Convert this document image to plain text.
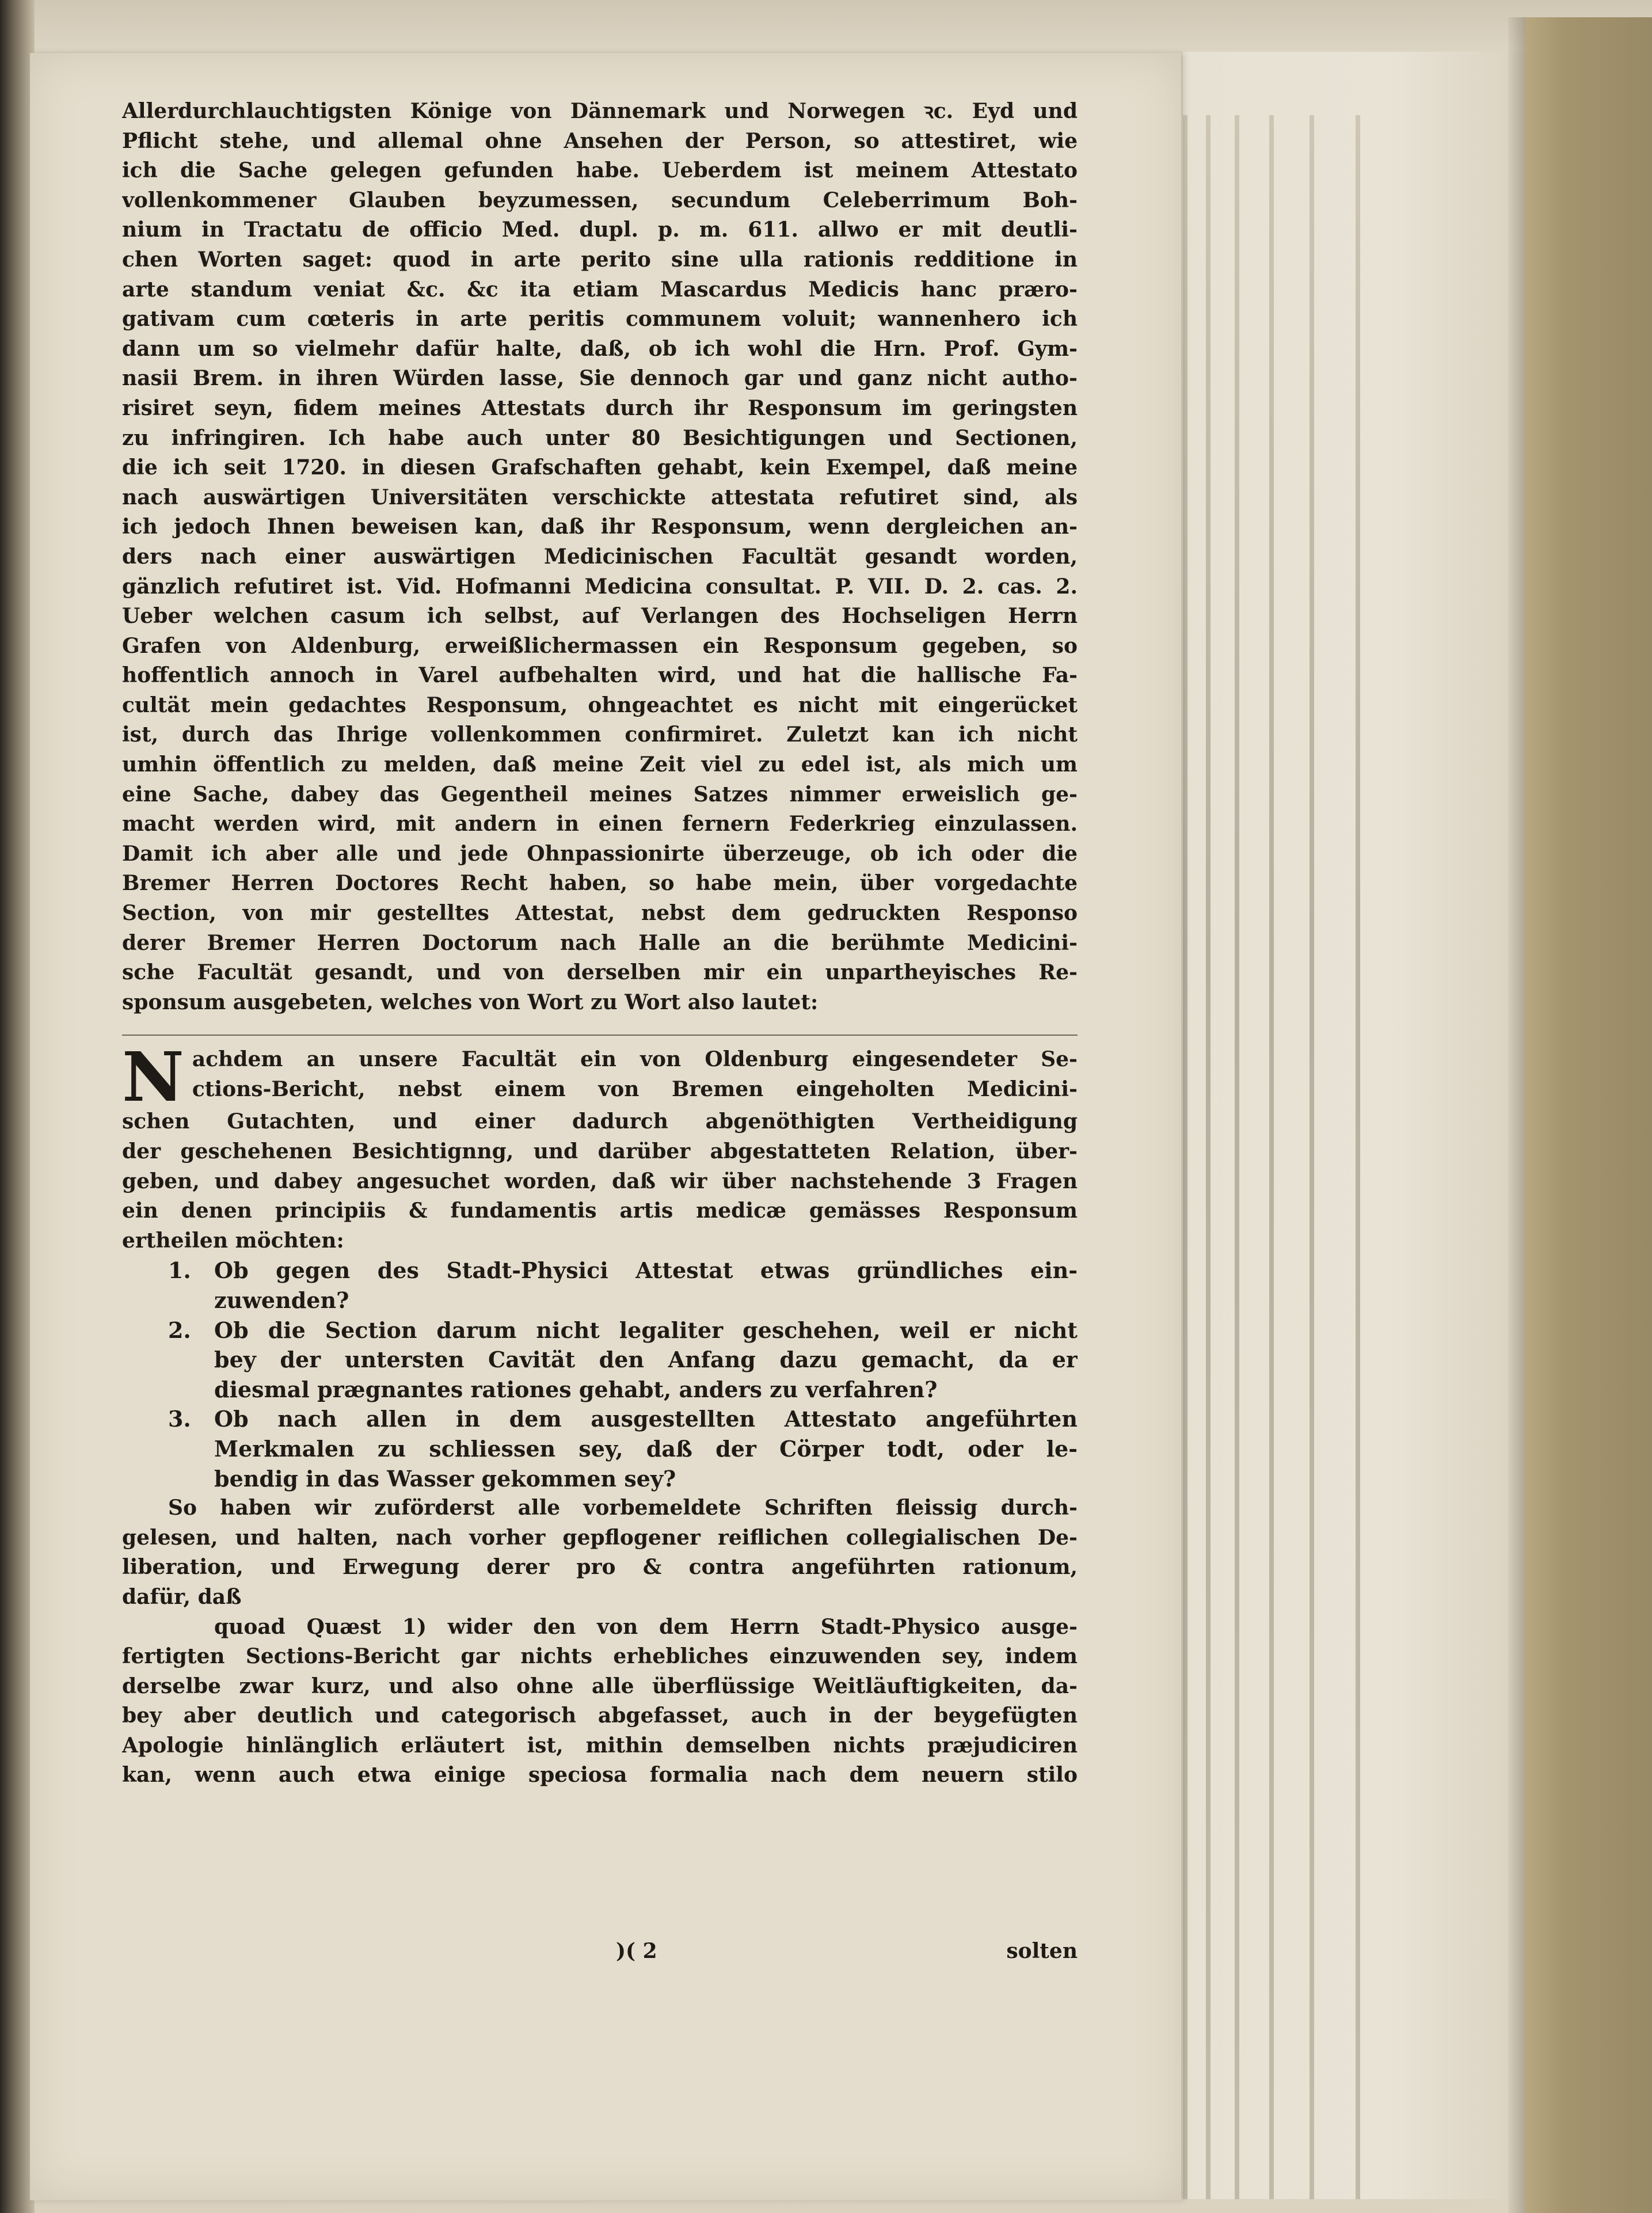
Allerdurchlauchtigsten Könige von Dännemark und Norwegen ꝛc. Eyd und
Pflicht stehe, und allemal ohne Ansehen der Person, so attestiret, wie
ich die Sache gelegen gefunden habe. Ueberdem ist meinem Attestato
vollenkommener Glauben beyzumessen, secundum Celeberrimum Boh-
nium in Tractatu de officio Med. dupl. p. m. 611. allwo er mit deutli-
chen Worten saget: quod in arte perito sine ulla rationis redditione in
arte standum veniat &c. &c ita etiam Mascardus Medicis hanc præro-
gativam cum cœteris in arte peritis communem voluit; wannenhero ich
dann um so vielmehr dafür halte, daß, ob ich wohl die Hrn. Prof. Gym-
nasii Brem. in ihren Würden lasse, Sie dennoch gar und ganz nicht autho-
risiret seyn, fidem meines Attestats durch ihr Responsum im geringsten
zu infringiren. Ich habe auch unter 80 Besichtigungen und Sectionen,
die ich seit 1720. in diesen Grafschaften gehabt, kein Exempel, daß meine
nach auswärtigen Universitäten verschickte attestata refutiret sind, als
ich jedoch Ihnen beweisen kan, daß ihr Responsum, wenn dergleichen an-
ders nach einer auswärtigen Medicinischen Facultät gesandt worden,
gänzlich refutiret ist. Vid. Hofmanni Medicina consultat. P. VII. D. 2. cas. 2.
Ueber welchen casum ich selbst, auf Verlangen des Hochseligen Herrn
Grafen von Aldenburg, erweißlichermassen ein Responsum gegeben, so
hoffentlich annoch in Varel aufbehalten wird, und hat die hallische Fa-
cultät mein gedachtes Responsum, ohngeachtet es nicht mit eingerücket
ist, durch das Ihrige vollenkommen confirmiret. Zuletzt kan ich nicht
umhin öffentlich zu melden, daß meine Zeit viel zu edel ist, als mich um
eine Sache, dabey das Gegentheil meines Satzes nimmer erweislich ge-
macht werden wird, mit andern in einen fernern Federkrieg einzulassen.
Damit ich aber alle und jede Ohnpassionirte überzeuge, ob ich oder die
Bremer Herren Doctores Recht haben, so habe mein, über vorgedachte
Section, von mir gestelltes Attestat, nebst dem gedruckten Responso
derer Bremer Herren Doctorum nach Halle an die berühmte Medicini-
sche Facultät gesandt, und von derselben mir ein unpartheyisches Re-
sponsum ausgebeten, welches von Wort zu Wort also lautet:
N achdem an unsere Facultät ein von Oldenburg eingesendeter Se-
ctions-Bericht, nebst einem von Bremen eingeholten Medicini-
schen Gutachten, und einer dadurch abgenöthigten Vertheidigung
der geschehenen Besichtignng, und darüber abgestatteten Relation, über-
geben, und dabey angesuchet worden, daß wir über nachstehende 3 Fragen
ein denen principiis & fundamentis artis medicæ gemässes Responsum
ertheilen möchten:
1. Ob gegen des Stadt-Physici Attestat etwas gründliches ein-
zuwenden?
2. Ob die Section darum nicht legaliter geschehen, weil er nicht
bey der untersten Cavität den Anfang dazu gemacht, da er
diesmal prægnantes rationes gehabt, anders zu verfahren?
3. Ob nach allen in dem ausgestellten Attestato angeführten
Merkmalen zu schliessen sey, daß der Cörper todt, oder le-
bendig in das Wasser gekommen sey?
So haben wir zuförderst alle vorbemeldete Schriften fleissig durch-
gelesen, und halten, nach vorher gepflogener reiflichen collegialischen De-
liberation, und Erwegung derer pro & contra angeführten rationum,
dafür, daß
quoad Quæst 1) wider den von dem Herrn Stadt-Physico ausge-
fertigten Sections-Bericht gar nichts erhebliches einzuwenden sey, indem
derselbe zwar kurz, und also ohne alle überflüssige Weitläuftigkeiten, da-
bey aber deutlich und categorisch abgefasset, auch in der beygefügten
Apologie hinlänglich erläutert ist, mithin demselben nichts præjudiciren
kan, wenn auch etwa einige speciosa formalia nach dem neuern stilo
)( 2	solten
